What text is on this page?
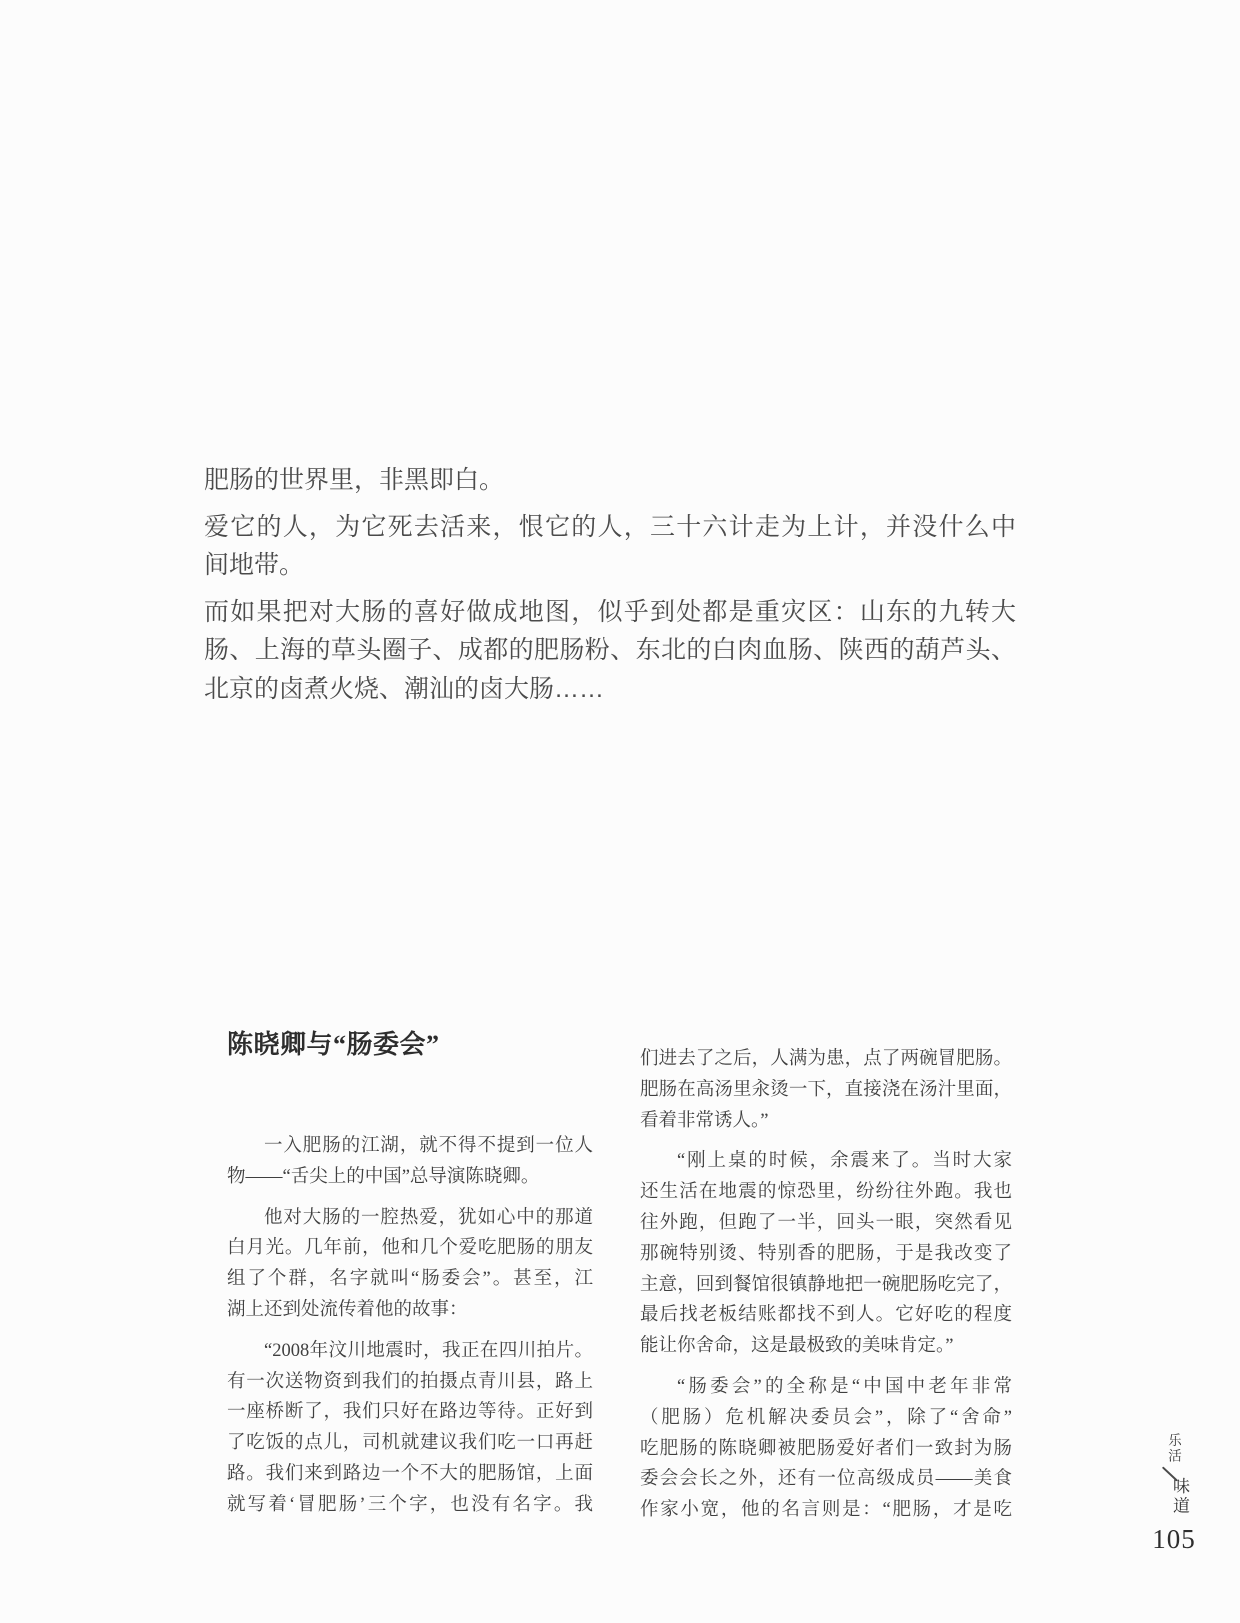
肥肠的世界里，非黑即白。
爱它的人，为它死去活来，恨它的人，三十六计走为上计，并没什么中
间地带。
而如果把对大肠的喜好做成地图，似乎到处都是重灾区：山东的九转大
肠、上海的草头圈子、成都的肥肠粉、东北的白肉血肠、陕西的葫芦头、
北京的卤煮火烧、潮汕的卤大肠……
陈晓卿与“肠委会”
一入肥肠的江湖，就不得不提到一位人
物——“舌尖上的中国”总导演陈晓卿。
他对大肠的一腔热爱，犹如心中的那道
白月光。几年前，他和几个爱吃肥肠的朋友
组了个群，名字就叫“肠委会”。甚至，江
湖上还到处流传着他的故事：
“2008年汶川地震时，我正在四川拍片。
有一次送物资到我们的拍摄点青川县，路上
一座桥断了，我们只好在路边等待。正好到
了吃饭的点儿，司机就建议我们吃一口再赶
路。我们来到路边一个不大的肥肠馆，上面
就写着‘冒肥肠’三个字，也没有名字。我
们进去了之后，人满为患，点了两碗冒肥肠。
肥肠在高汤里汆烫一下，直接浇在汤汁里面，
看着非常诱人。”
“刚上桌的时候，余震来了。当时大家
还生活在地震的惊恐里，纷纷往外跑。我也
往外跑，但跑了一半，回头一眼，突然看见
那碗特别烫、特别香的肥肠，于是我改变了
主意，回到餐馆很镇静地把一碗肥肠吃完了，
最后找老板结账都找不到人。它好吃的程度
能让你舍命，这是最极致的美味肯定。”
“肠委会”的全称是“中国中老年非常
（肥肠）危机解决委员会”，除了“舍命”
吃肥肠的陈晓卿被肥肠爱好者们一致封为肠
委会会长之外，还有一位高级成员——美食
作家小宽，他的名言则是：“肥肠，才是吃
乐活
味道
105
